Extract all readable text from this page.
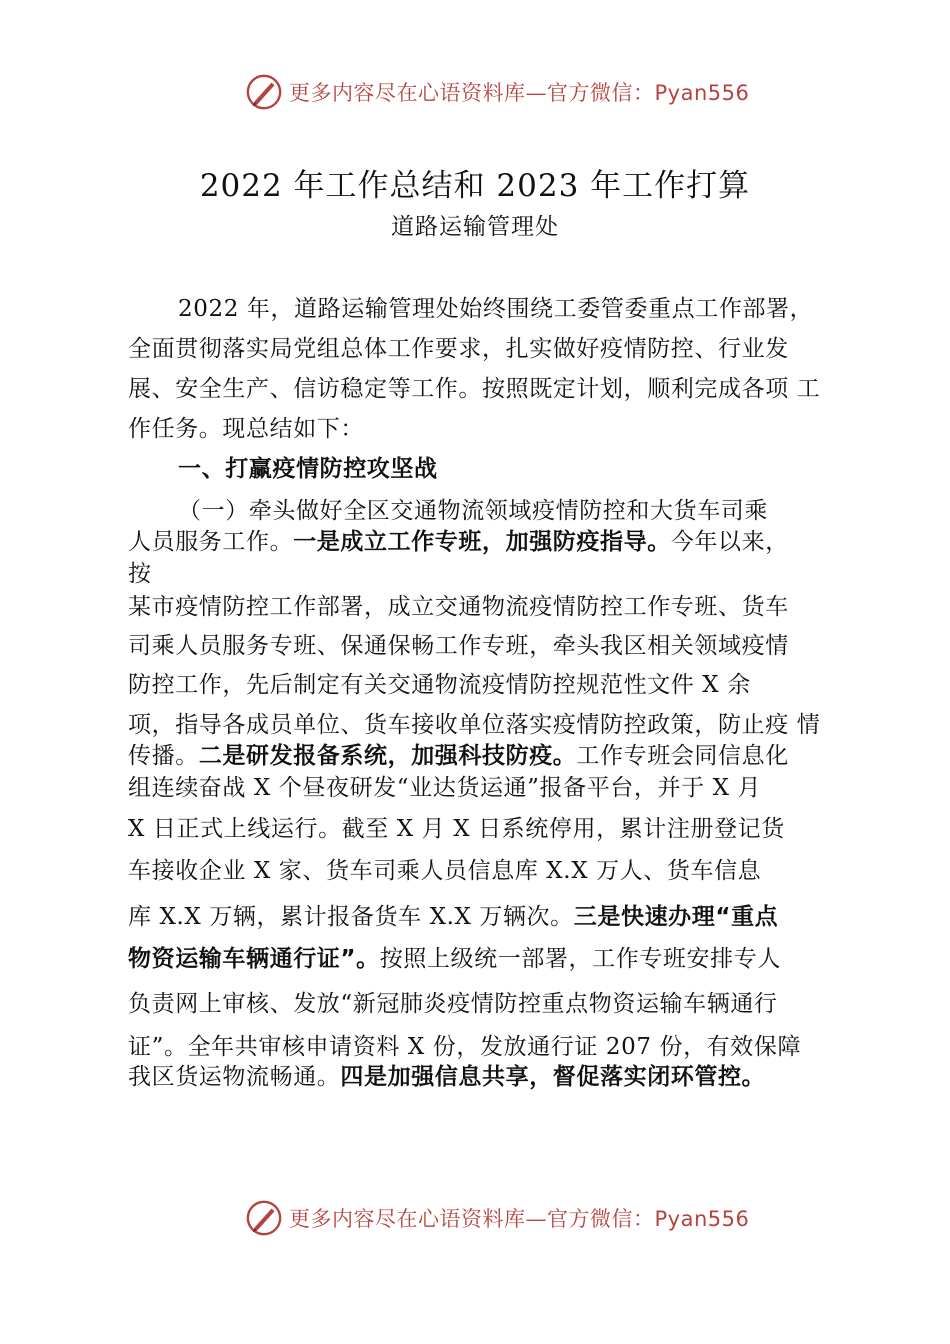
更多内容尽在心语资料库—官方微信：Pyan556
2022 年工作总结和 2023 年工作打算
道路运输管理处
2022 年，道路运输管理处始终围绕工委管委重点工作部署，
全面贯彻落实局党组总体工作要求，扎实做好疫情防控、行业发
展、安全生产、信访稳定等工作。按照既定计划，顺利完成各项 工
作任务。现总结如下：
一、打赢疫情防控攻坚战
（一）牵头做好全区交通物流领域疫情防控和大货车司乘
人员服务工作。一是成立工作专班，加强防疫指导。今年以来，
按
某市疫情防控工作部署，成立交通物流疫情防控工作专班、货车
司乘人员服务专班、保通保畅工作专班，牵头我区相关领域疫情
防控工作，先后制定有关交通物流疫情防控规范性文件 X 余
项，指导各成员单位、货车接收单位落实疫情防控政策，防止疫 情
传播。二是研发报备系统，加强科技防疫。工作专班会同信息化
组连续奋战 X 个昼夜研发“业达货运通”报备平台，并于 X 月
X 日正式上线运行。截至 X 月 X 日系统停用，累计注册登记货
车接收企业 X 家、货车司乘人员信息库 X.X 万人、货车信息
库 X.X 万辆，累计报备货车 X.X 万辆次。三是快速办理“重点
物资运输车辆通行证”。按照上级统一部署，工作专班安排专人
负责网上审核、发放“新冠肺炎疫情防控重点物资运输车辆通行
证”。全年共审核申请资料 X 份，发放通行证 207 份，有效保障
我区货运物流畅通。四是加强信息共享，督促落实闭环管控。
更多内容尽在心语资料库—官方微信：Pyan556
